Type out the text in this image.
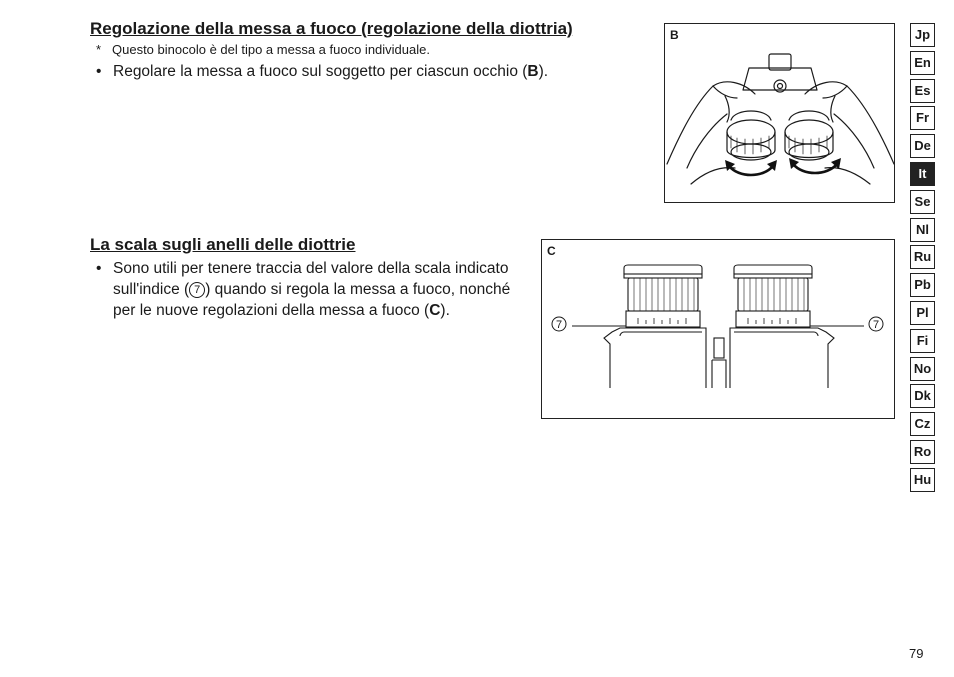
Regolazione della messa a fuoco (regolazione della diottria)
* Questo binocolo è del tipo a messa a fuoco individuale.
• Regolare la messa a fuoco sul soggetto per ciascun occhio (B).
La scala sugli anelli delle diottrie
• Sono utili per tenere traccia del valore della scala indicato sull'indice ( 7 ) quando si regola la messa a fuoco, nonché per le nuove regolazioni della messa a fuoco (C).
B
7	7
C
Jp
En
Es
Fr
De
It
Se
Nl
Ru
Pb
Pl
Fi
No
Dk
Cz
Ro
Hu
79
